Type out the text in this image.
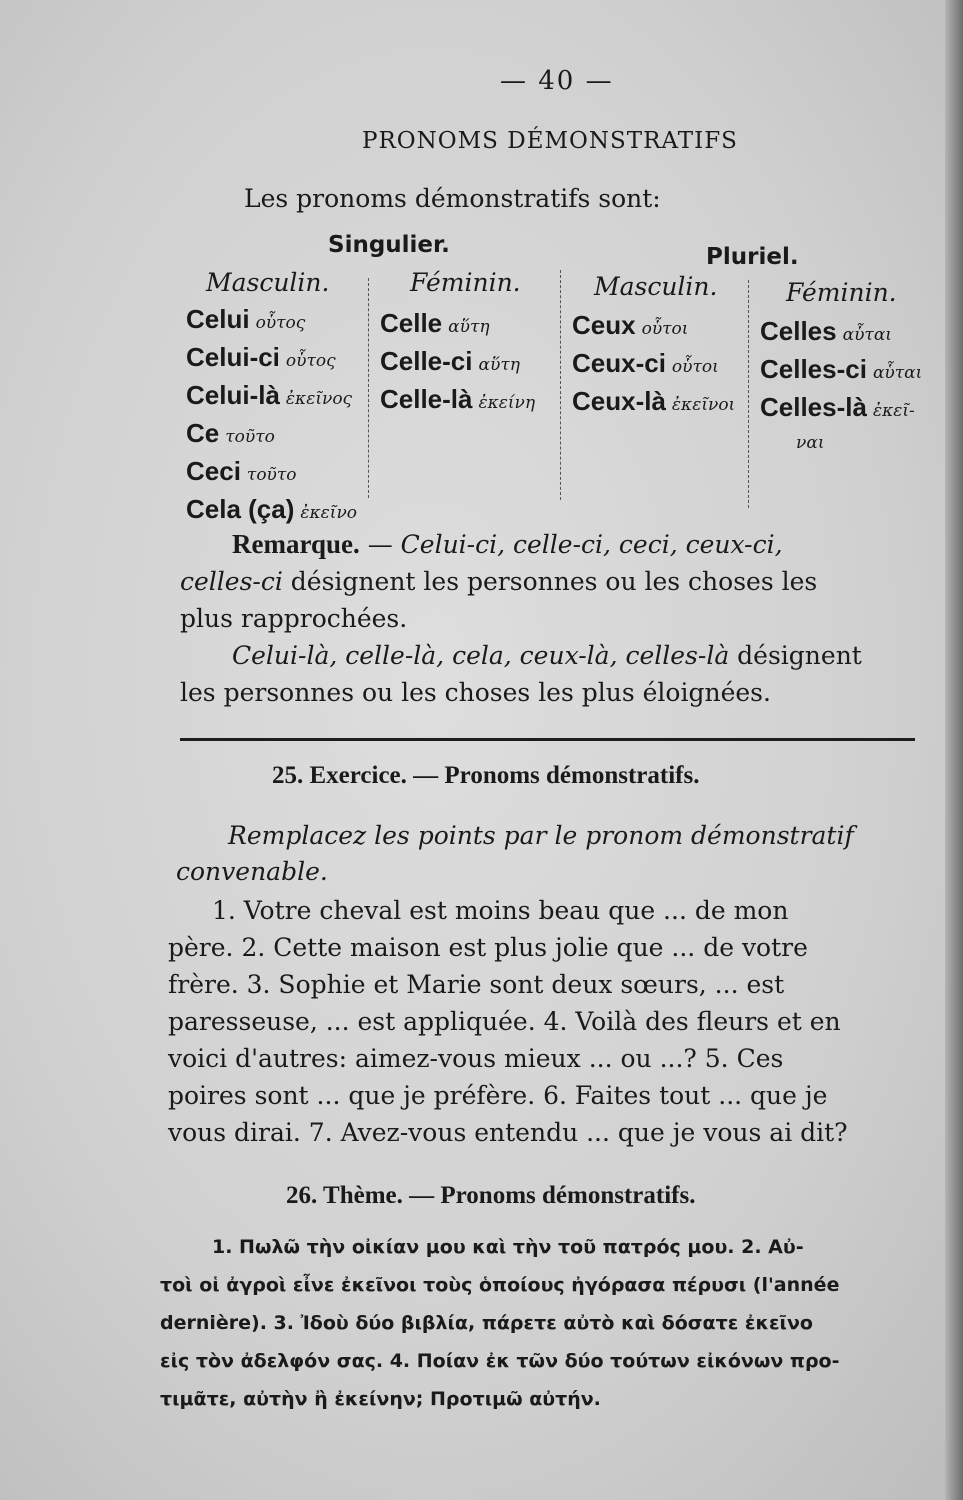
— 40 —
PRONOMS DÉMONSTRATIFS
Les pronoms démonstratifs sont:
Singulier.	Pluriel.
Masculin.
Celui οὗτος
Celui-ci οὗτος
Celui-là ἐκεῖνος
Ce τοῦτο
Ceci τοῦτο
Cela (ça) ἐκεῖνο
Féminin.
Celle αὕτη
Celle-ci αὕτη
Celle-là ἐκείνη
Masculin.
Ceux οὗτοι
Ceux-ci οὗτοι
Ceux-là ἐκεῖνοι
Féminin.
Celles αὗται
Celles-ci αὗται
Celles-là ἐκεῖ-
ναι
Remarque. — Celui-ci, celle-ci, ceci, ceux-ci,
celles-ci désignent les personnes ou les choses les
plus rapprochées.
Celui-là, celle-là, cela, ceux-là, celles-là désignent
les personnes ou les choses les plus éloignées.
25. Exercice. — Pronoms démonstratifs.
Remplacez les points par le pronom démonstratif
convenable.
1. Votre cheval est moins beau que ... de mon
père. 2. Cette maison est plus jolie que ... de votre
frère. 3. Sophie et Marie sont deux sœurs, ... est
paresseuse, ... est appliquée. 4. Voilà des fleurs et en
voici d'autres: aimez-vous mieux ... ou ...? 5. Ces
poires sont ... que je préfère. 6. Faites tout ... que je
vous dirai. 7. Avez-vous entendu ... que je vous ai dit?
26. Thème. — Pronoms démonstratifs.
1. Πωλῶ τὴν οἰκίαν μου καὶ τὴν τοῦ πατρός μου. 2. Αὐ-
τοὶ οἱ ἀγροὶ εἶνε ἐκεῖνοι τοὺς ὁποίους ἠγόρασα πέρυσι (l'année
dernière). 3. Ἰδοὺ δύο βιβλία, πάρετε αὐτὸ καὶ δόσατε ἐκεῖνο
εἰς τὸν ἀδελφόν σας. 4. Ποίαν ἐκ τῶν δύο τούτων εἰκόνων προ-
τιμᾶτε, αὐτὴν ἢ ἐκείνην; Προτιμῶ αὐτήν.
